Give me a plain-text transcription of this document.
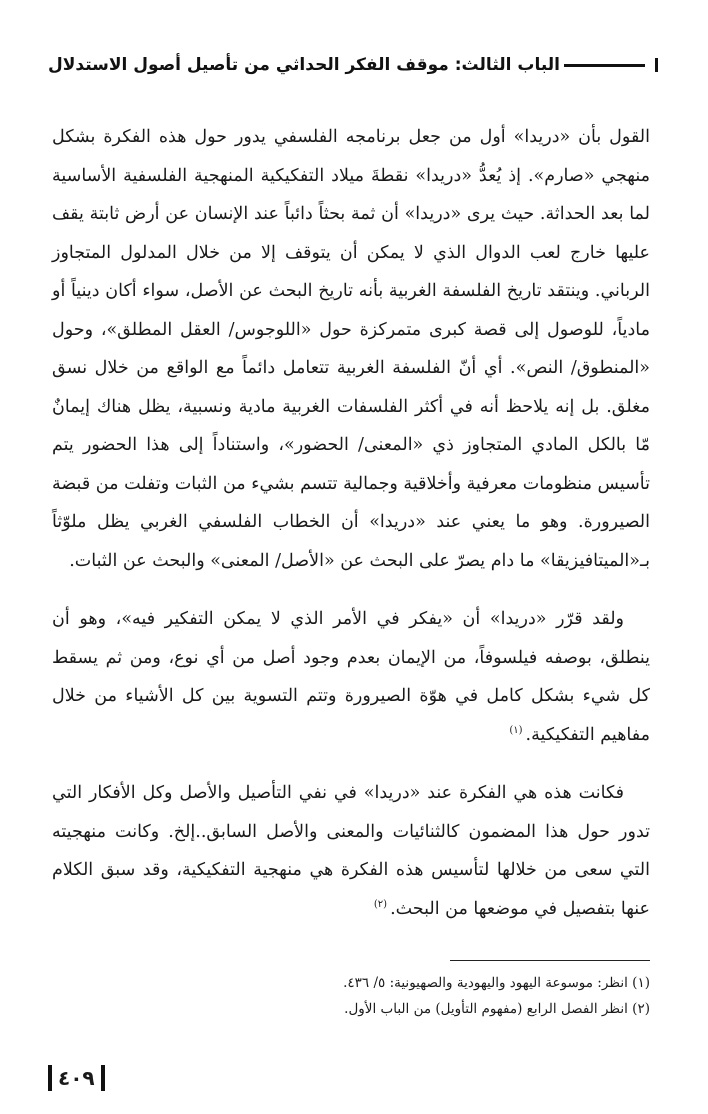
الباب الثالث: موقف الفكر الحداثي من تأصيل أصول الاستدلال

القول بأن «دريدا» أول من جعل برنامجه الفلسفي يدور حول هذه الفكرة بشكل منهجي «صارم». إذ يُعدُّ «دريدا» نقطةَ ميلاد التفكيكية المنهجية الفلسفية الأساسية لما بعد الحداثة. حيث يرى «دريدا» أن ثمة بحثاً دائباً عند الإنسان عن أرض ثابتة يقف عليها خارج لعب الدوال الذي لا يمكن أن يتوقف إلا من خلال المدلول المتجاوز الرباني. وينتقد تاريخ الفلسفة الغربية بأنه تاريخ البحث عن الأصل، سواء أكان دينياً أو مادياً، للوصول إلى قصة كبرى متمركزة حول «اللوجوس/ العقل المطلق»، وحول «المنطوق/ النص». أي أنّ الفلسفة الغربية تتعامل دائماً مع الواقع من خلال نسق مغلق. بل إنه يلاحظ أنه في أكثر الفلسفات الغربية مادية ونسبية، يظل هناك إيمانٌ مّا بالكل المادي المتجاوز ذي «المعنى/ الحضور»، واستناداً إلى هذا الحضور يتم تأسيس منظومات معرفية وأخلاقية وجمالية تتسم بشيء من الثبات وتفلت من قبضة الصيرورة. وهو ما يعني عند «دريدا» أن الخطاب الفلسفي الغربي يظل ملوّثاً بـ«الميتافيزيقا» ما دام يصرّ على البحث عن «الأصل/ المعنى» والبحث عن الثبات.

ولقد قرّر «دريدا» أن «يفكر في الأمر الذي لا يمكن التفكير فيه»، وهو أن ينطلق، بوصفه فيلسوفاً، من الإيمان بعدم وجود أصل من أي نوع، ومن ثم يسقط كل شيء بشكل كامل في هوّة الصيرورة وتتم التسوية بين كل الأشياء من خلال مفاهيم التفكيكية.$^{(١)}$

فكانت هذه هي الفكرة عند «دريدا» في نفي التأصيل والأصل وكل الأفكار التي تدور حول هذا المضمون كالثنائيات والمعنى والأصل السابق..إلخ. وكانت منهجيته التي سعى من خلالها لتأسيس هذه الفكرة هي منهجية التفكيكية، وقد سبق الكلام عنها بتفصيل في موضعها من البحث.$^{(٢)}$

(١) انظر: موسوعة اليهود واليهودية والصهيونية: ٥/ ٤٣٦.

(٢) انظر الفصل الرابع (مفهوم التأويل) من الباب الأول.

٤٠٩
